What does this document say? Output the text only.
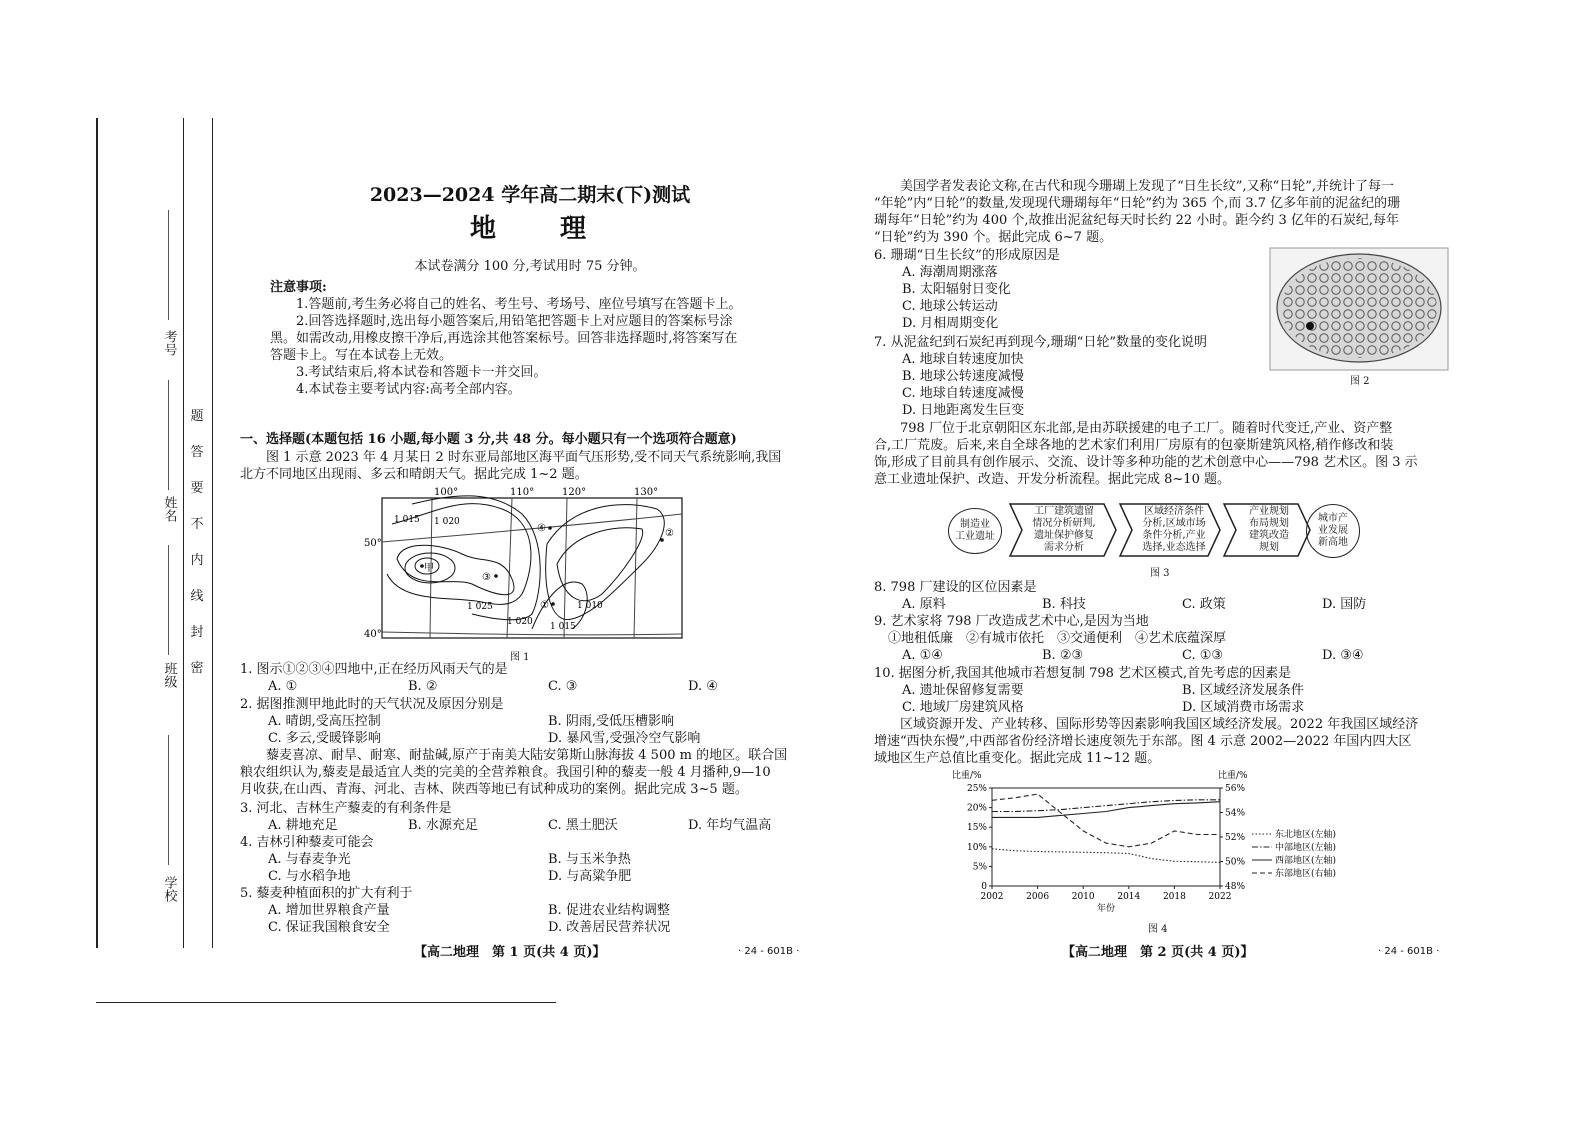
考号
姓名
班级
学校
题
答
要
不
内
线
封
密
2023—2024 学年高二期末(下)测试
地　　理
本试卷满分 100 分,考试用时 75 分钟。
注意事项:
1.答题前,考生务必将自己的姓名、考生号、考场号、座位号填写在答题卡上。
2.回答选择题时,选出每小题答案后,用铅笔把答题卡上对应题目的答案标号涂
黑。如需改动,用橡皮擦干净后,再选涂其他答案标号。回答非选择题时,将答案写在
答题卡上。写在本试卷上无效。
3.考试结束后,将本试卷和答题卡一并交回。
4.本试卷主要考试内容:高考全部内容。
一、选择题(本题包括 16 小题,每小题 3 分,共 48 分。每小题只有一个选项符合题意)
图 1 示意 2023 年 4 月某日 2 时东亚局部地区海平面气压形势,受不同天气系统影响,我国
北方不同地区出现雨、多云和晴朗天气。据此完成 1~2 题。
100°	110°	120°	130°
50°
40°
1 015 1 020
1 025
1 020 1 015
1 010
①
②
③
④
甲
图 1
1. 图示①②③④四地中,正在经历风雨天气的是
A. ①	B. ②	C. ③	D. ④
2. 据图推测甲地此时的天气状况及原因分别是
A. 晴朗,受高压控制	B. 阴雨,受低压槽影响
C. 多云,受暖锋影响	D. 暴风雪,受强冷空气影响
藜麦喜凉、耐旱、耐寒、耐盐碱,原产于南美大陆安第斯山脉海拔 4 500 m 的地区。联合国
粮农组织认为,藜麦是最适宜人类的完美的全营养粮食。我国引种的藜麦一般 4 月播种,9—10
月收获,在山西、青海、河北、吉林、陕西等地已有试种成功的案例。据此完成 3~5 题。
3. 河北、吉林生产藜麦的有利条件是
A. 耕地充足	B. 水源充足	C. 黑土肥沃	D. 年均气温高
4. 吉林引种藜麦可能会
A. 与春麦争光	B. 与玉米争热
C. 与水稻争地	D. 与高粱争肥
5. 藜麦种植面积的扩大有利于
A. 增加世界粮食产量	B. 促进农业结构调整
C. 保证我国粮食安全	D. 改善居民营养状况
【高二地理　第 1 页(共 4 页)】	· 24 - 601B ·
美国学者发表论文称,在古代和现今珊瑚上发现了“日生长纹”,又称“日轮”,并统计了每一
“年轮”内“日轮”的数量,发现现代珊瑚每年“日轮”约为 365 个,而 3.7 亿多年前的泥盆纪的珊
瑚每年“日轮”约为 400 个,故推出泥盆纪每天时长约 22 小时。距今约 3 亿年的石炭纪,每年
“日轮”约为 390 个。据此完成 6~7 题。
图 2
6. 珊瑚“日生长纹”的形成原因是
A. 海潮周期涨落
B. 太阳辐射日变化
C. 地球公转运动
D. 月相周期变化
7. 从泥盆纪到石炭纪再到现今,珊瑚“日轮”数量的变化说明
A. 地球自转速度加快
B. 地球公转速度减慢
C. 地球自转速度减慢
D. 日地距离发生巨变
798 厂位于北京朝阳区东北部,是由苏联援建的电子工厂。随着时代变迁,产业、资产整
合,工厂荒废。后来,来自全球各地的艺术家们利用厂房原有的包豪斯建筑风格,稍作修改和装
饰,形成了目前具有创作展示、交流、设计等多种功能的艺术创意中心——798 艺术区。图 3 示
意工业遗址保护、改造、开发分析流程。据此完成 8~10 题。
制造业
工业遗址
工厂建筑遗留
情况分析研判,
遗址保护修复
需求分析
区域经济条件
分析,区域市场
条件分析,产业
选择,业态选择
产业规划
布局规划
建筑改造
规划
城市产
业发展
新高地
图 3
8. 798 厂建设的区位因素是
A. 原料	B. 科技	C. 政策	D. 国防
9. 艺术家将 798 厂改造成艺术中心,是因为当地
①地租低廉　②有城市依托　③交通便利　④艺术底蕴深厚
A. ①④	B. ②③	C. ①③	D. ③④
10. 据图分析,我国其他城市若想复制 798 艺术区模式,首先考虑的因素是
A. 遗址保留修复需要	B. 区域经济发展条件
C. 地域厂房建筑风格	D. 区域消费市场需求
区域资源开发、产业转移、国际形势等因素影响我国区域经济发展。2022 年我国区域经济
增速“西快东慢”,中西部省份经济增长速度领先于东部。图 4 示意 2002—2022 年国内四大区
域地区生产总值比重变化。据此完成 11~12 题。
比重/%	比重/%
0
5%
10%
15%
20%
25%
48%
50%
52%
54%
56%
2002	2006	2010	2014	2018	2022
年份
东北地区(左轴)
中部地区(左轴)
西部地区(左轴)
东部地区(右轴)
图 4
【高二地理　第 2 页(共 4 页)】	· 24 - 601B ·
